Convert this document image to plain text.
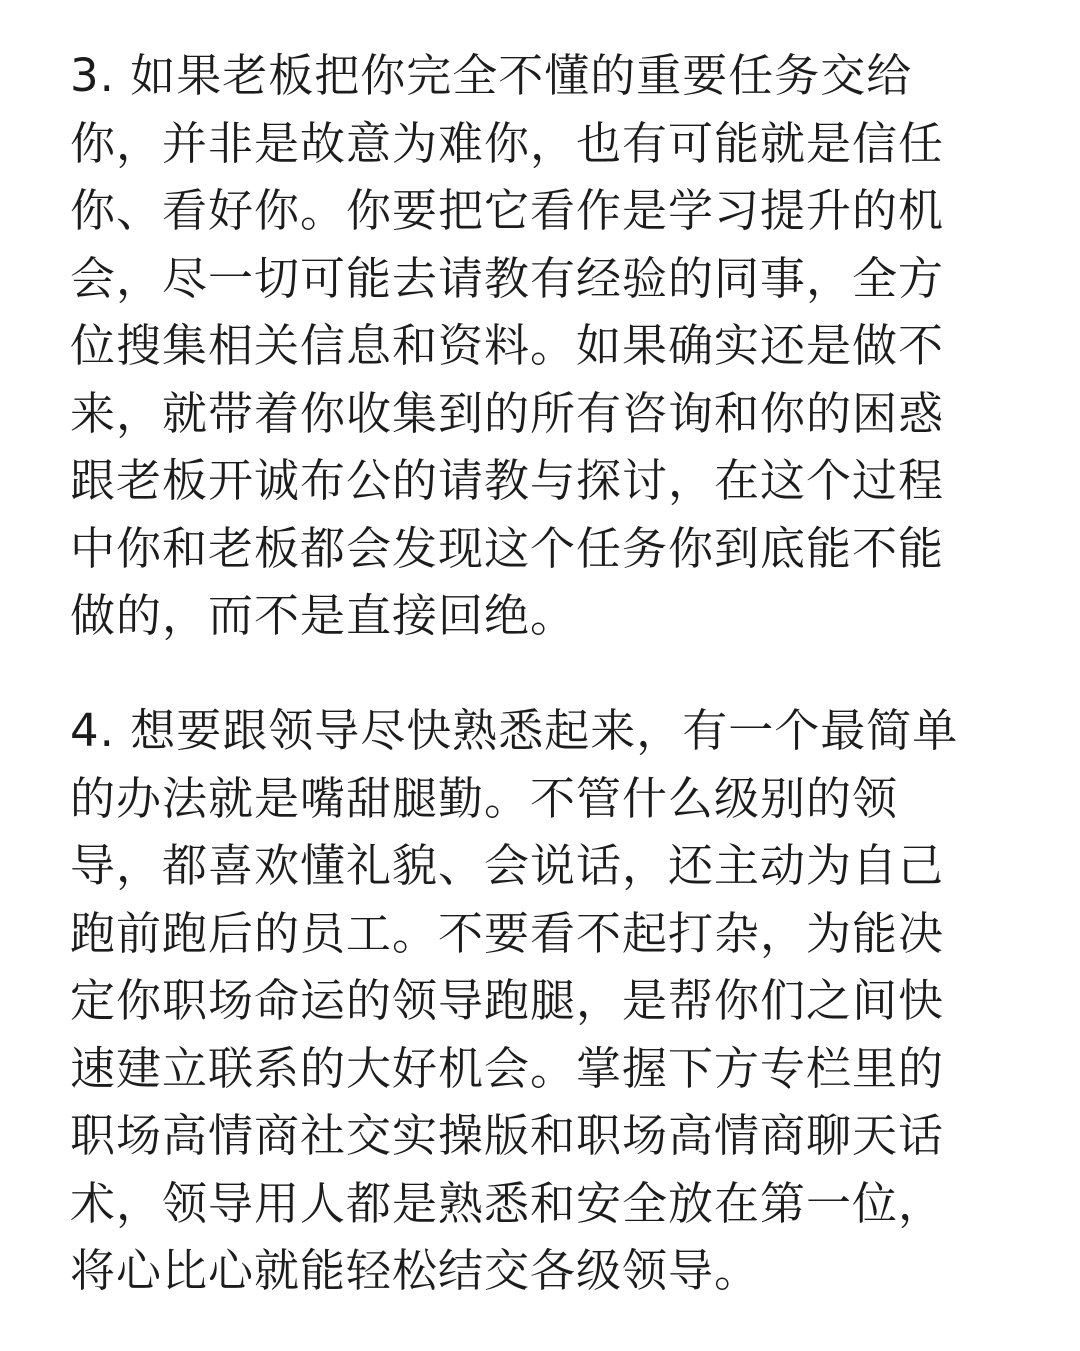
3. 如果老板把你完全不懂的重要任务交给
你，并非是故意为难你，也有可能就是信任
你、看好你。你要把它看作是学习提升的机
会，尽一切可能去请教有经验的同事，全方
位搜集相关信息和资料。如果确实还是做不
来，就带着你收集到的所有咨询和你的困惑
跟老板开诚布公的请教与探讨，在这个过程
中你和老板都会发现这个任务你到底能不能
做的，而不是直接回绝。

4. 想要跟领导尽快熟悉起来，有一个最简单
的办法就是嘴甜腿勤。不管什么级别的领
导，都喜欢懂礼貌、会说话，还主动为自己
跑前跑后的员工。不要看不起打杂，为能决
定你职场命运的领导跑腿，是帮你们之间快
速建立联系的大好机会。掌握下方专栏里的
职场高情商社交实操版和职场高情商聊天话
术，领导用人都是熟悉和安全放在第一位，
将心比心就能轻松结交各级领导。
